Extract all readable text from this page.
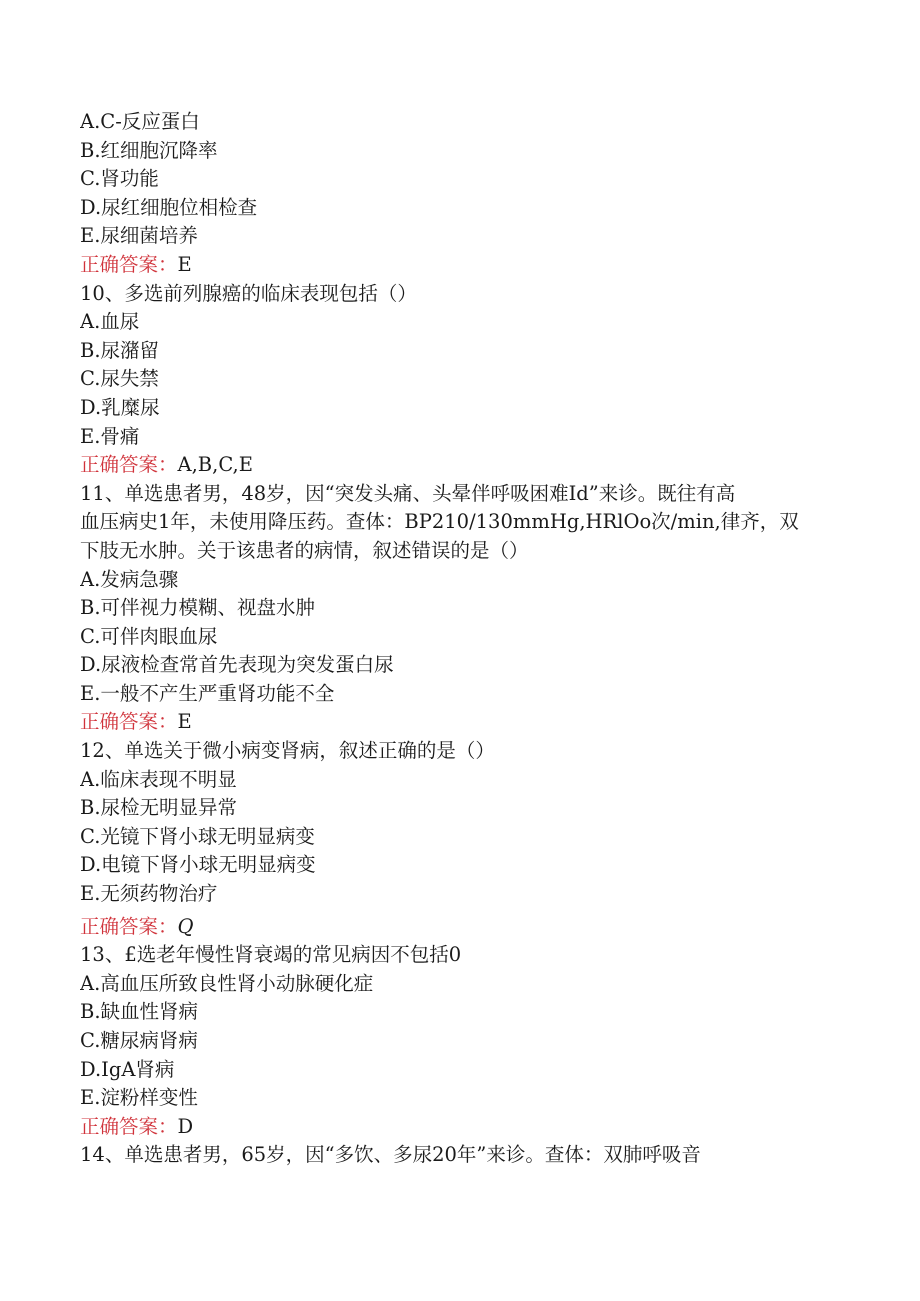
A.C-反应蛋白
B.红细胞沉降率
C.肾功能
D.尿红细胞位相检查
E.尿细菌培养
正确答案：E
10、多选前列腺癌的临床表现包括（）
A.血尿
B.尿潴留
C.尿失禁
D.乳糜尿
E.骨痛
正确答案：A,B,C,E
11、单选患者男，48岁，因“突发头痛、头晕伴呼吸困难Id”来诊。既往有高
血压病史1年，未使用降压药。查体：BP210/130mmHg,HRlOo次/min,律齐，双
下肢无水肿。关于该患者的病情，叙述错误的是（）
A.发病急骤
B.可伴视力模糊、视盘水肿
C.可伴肉眼血尿
D.尿液检查常首先表现为突发蛋白尿
E.一般不产生严重肾功能不全
正确答案：E
12、单选关于微小病变肾病，叙述正确的是（）
A.临床表现不明显
B.尿检无明显异常
C.光镜下肾小球无明显病变
D.电镜下肾小球无明显病变
E.无须药物治疗
正确答案：Q
13、£选老年慢性肾衰竭的常见病因不包括0
A.高血压所致良性肾小动脉硬化症
B.缺血性肾病
C.糖尿病肾病
D.IgA肾病
E.淀粉样变性
正确答案：D
14、单选患者男，65岁，因“多饮、多尿20年”来诊。查体：双肺呼吸音
